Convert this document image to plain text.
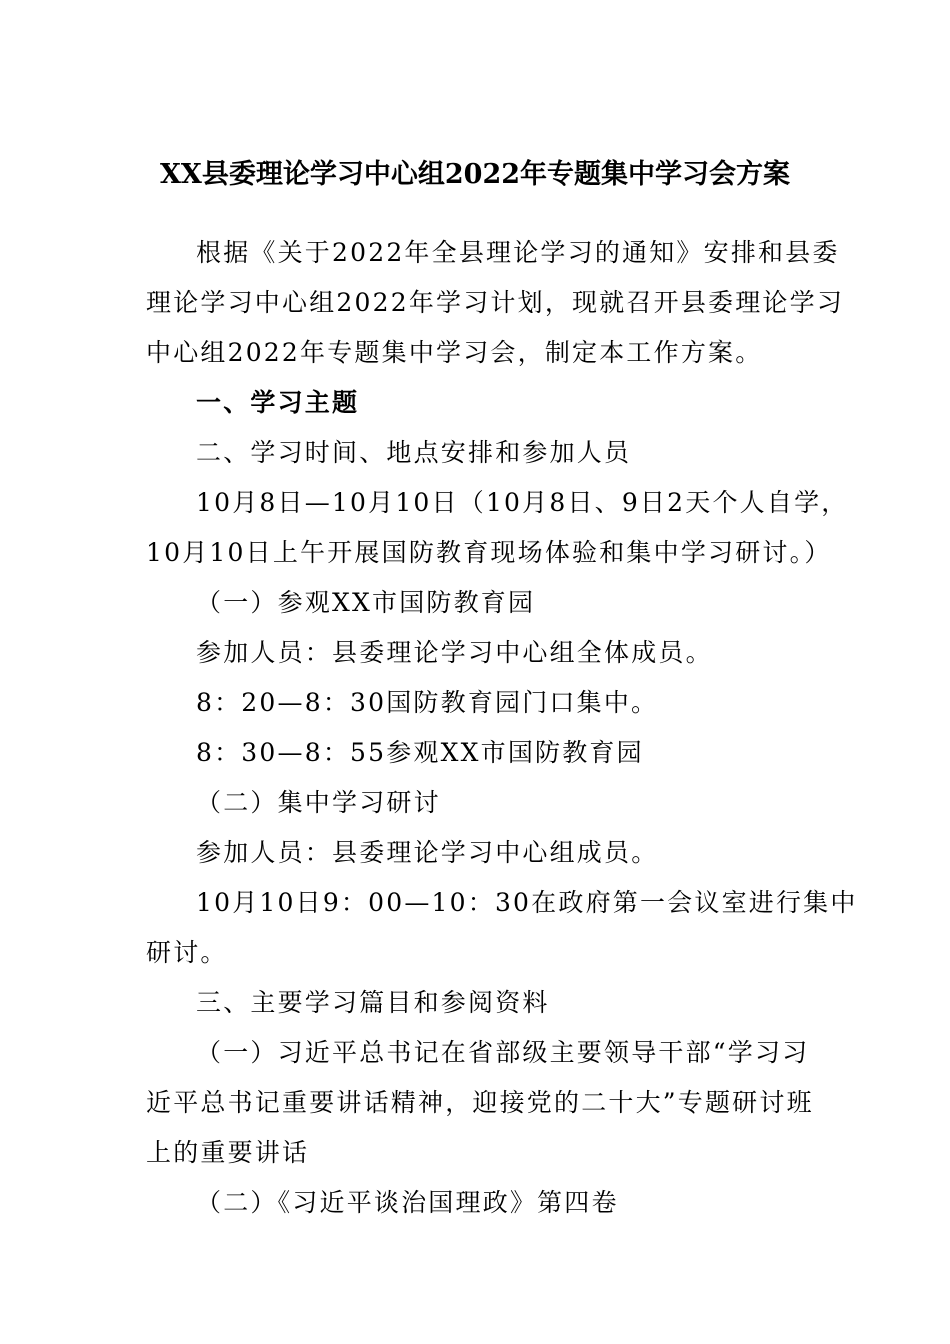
XX县委理论学习中心组2022年专题集中学习会方案
根据《关于2022年全县理论学习的通知》安排和县委
理论学习中心组2022年学习计划，现就召开县委理论学习
中心组2022年专题集中学习会，制定本工作方案。
一、学习主题
二、学习时间、地点安排和参加人员
10月8日—10月10日（10月8日、9日2天个人自学，
10月10日上午开展国防教育现场体验和集中学习研讨。）
（一）参观XX市国防教育园
参加人员：县委理论学习中心组全体成员。
8：20—8：30国防教育园门口集中。
8：30—8：55参观XX市国防教育园
（二）集中学习研讨
参加人员：县委理论学习中心组成员。
10月10日9：00—10：30在政府第一会议室进行集中
研讨。
三、主要学习篇目和参阅资料
（一）习近平总书记在省部级主要领导干部“学习习
近平总书记重要讲话精神，迎接党的二十大”专题研讨班
上的重要讲话
（二）《习近平谈治国理政》第四卷
